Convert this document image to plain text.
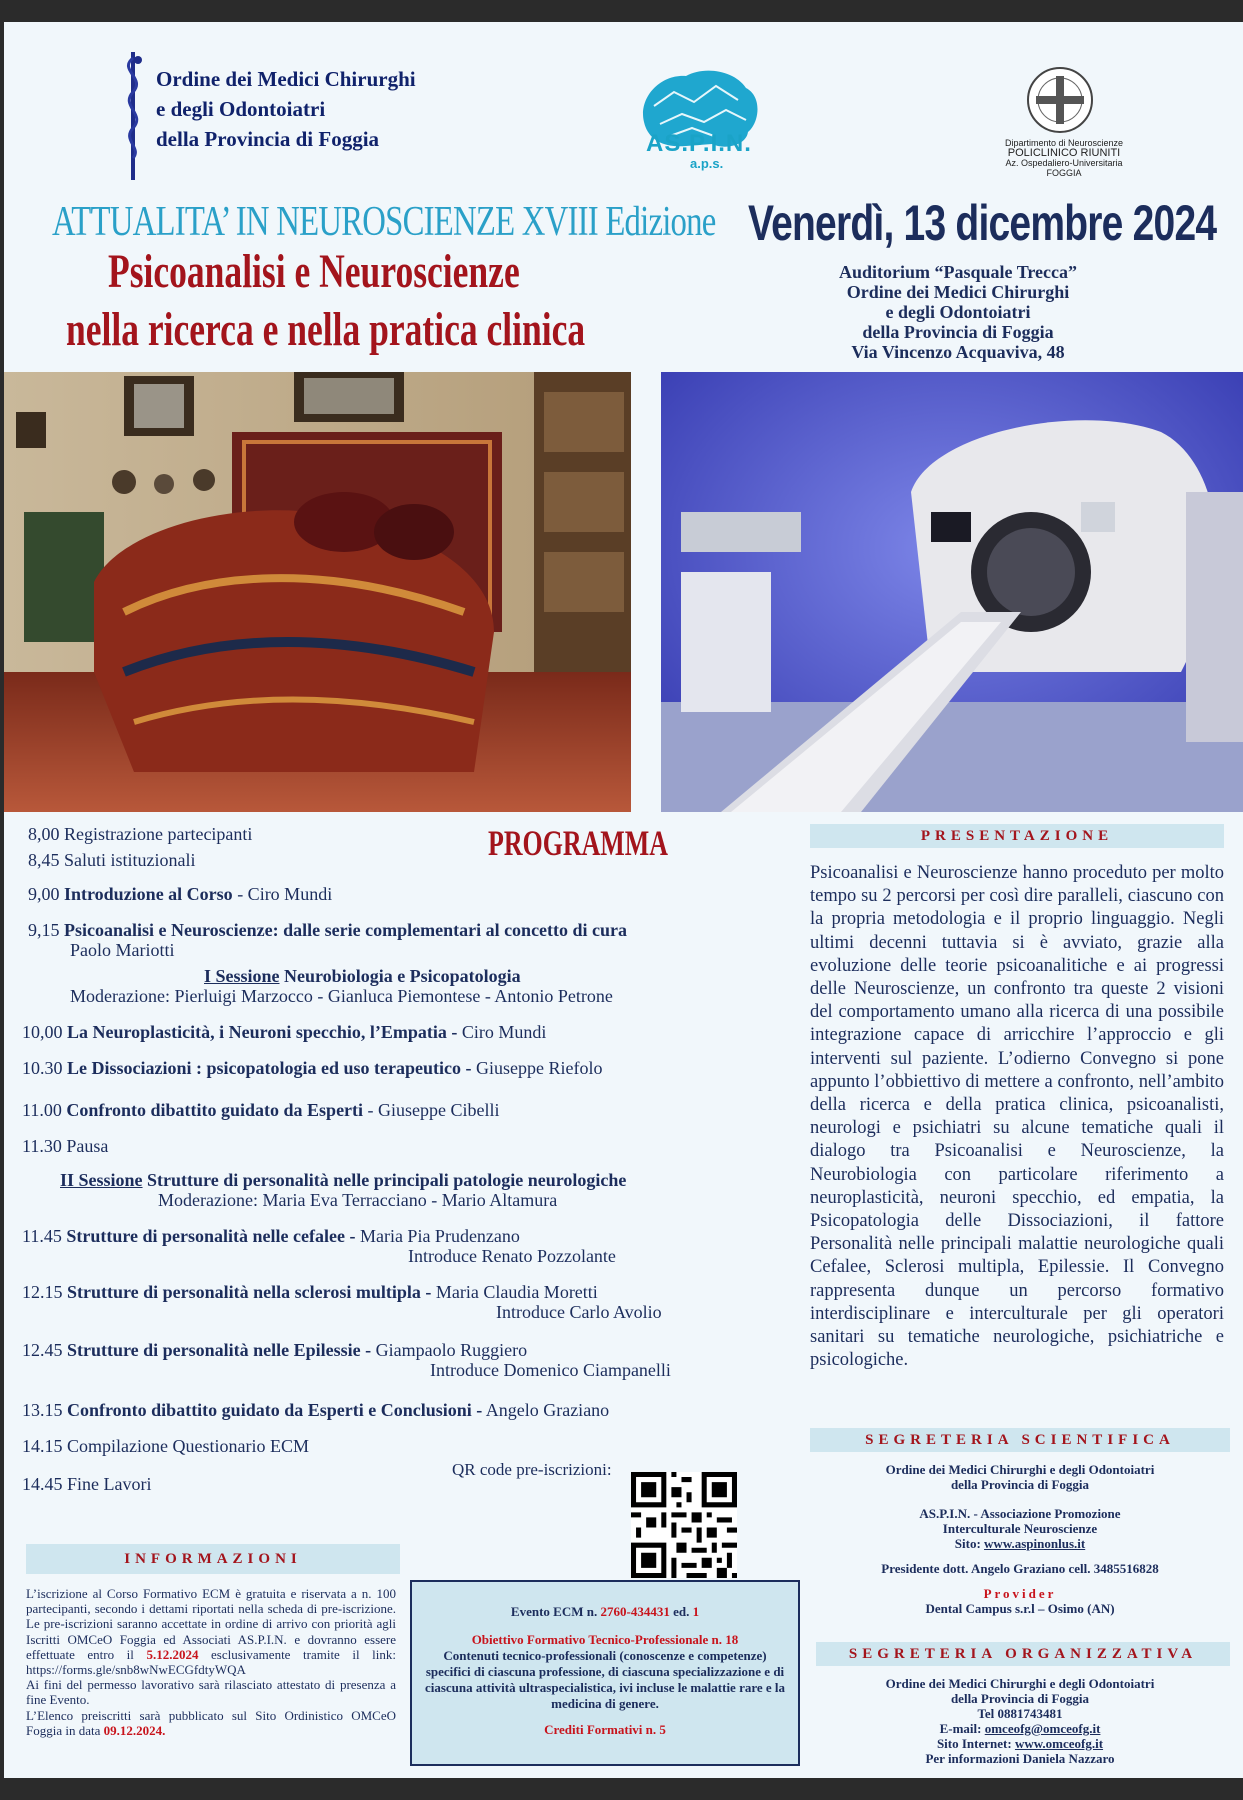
Ordine dei Medici Chirurghi
e degli Odontoiatri
della Provincia di Foggia	AS.P.I.N.
a.p.s.
Dipartimento di Neuroscienze
POLICLINICO RIUNITI
Az. Ospedaliero-Universitaria
FOGGIA
ATTUALITA’ IN NEUROSCIENZE XVIII Edizione
Psicoanalisi e Neuroscienze
nella ricerca e nella pratica clinica
Venerdì, 13 dicembre 2024
Auditorium “Pasquale Trecca”
Ordine dei Medici Chirurghi
e degli Odontoiatri
della Provincia di Foggia
Via Vincenzo Acquaviva, 48
PROGRAMMA
8,00 Registrazione partecipanti
8,45 Saluti istituzionali
9,00 Introduzione al Corso - Ciro Mundi
9,15 Psicoanalisi e Neuroscienze: dalle serie complementari al concetto di cura
Paolo Mariotti
I Sessione Neurobiologia e Psicopatologia
Moderazione: Pierluigi Marzocco - Gianluca Piemontese - Antonio Petrone
10,00 La Neuroplasticità, i Neuroni specchio, l’Empatia - Ciro Mundi
10.30 Le Dissociazioni : psicopatologia ed uso terapeutico - Giuseppe Riefolo
11.00 Confronto dibattito guidato da Esperti - Giuseppe Cibelli
11.30 Pausa
II Sessione Strutture di personalità nelle principali patologie neurologiche
Moderazione: Maria Eva Terracciano - Mario Altamura
11.45 Strutture di personalità nelle cefalee - Maria Pia Prudenzano
Introduce Renato Pozzolante
12.15 Strutture di personalità nella sclerosi multipla - Maria Claudia Moretti
Introduce Carlo Avolio
12.45 Strutture di personalità nelle Epilessie - Giampaolo Ruggiero
Introduce Domenico Ciampanelli
13.15 Confronto dibattito guidato da Esperti e Conclusioni - Angelo Graziano
14.15 Compilazione Questionario ECM
14.45 Fine Lavori
QR code pre-iscrizioni:
PRESENTAZIONE
Psicoanalisi e Neuroscienze hanno proceduto per molto tempo su 2 percorsi per così dire paralleli, ciascuno con la propria metodologia e il proprio linguaggio. Negli ultimi decenni tuttavia si è avviato, grazie alla evoluzione delle teorie psicoanalitiche e ai progressi delle Neuroscienze, un confronto tra queste 2 visioni del comportamento umano alla ricerca di una possibile integrazione capace di arricchire l’approccio e gli interventi sul paziente. L’odierno Convegno si pone appunto l’obbiettivo di mettere a confronto, nell’ambito della ricerca e della pratica clinica, psicoanalisti, neurologi e psichiatri su alcune tematiche quali il dialogo tra Psicoanalisi e Neuroscienze, la Neurobiologia con particolare riferimento a neuroplasticità, neuroni specchio, ed empatia, la Psicopatologia delle Dissociazioni, il fattore Personalità nelle principali malattie neurologiche quali Cefalee, Sclerosi multipla, Epilessie. Il Convegno rappresenta dunque un percorso formativo interdisciplinare e interculturale per gli operatori sanitari su tematiche neurologiche, psichiatriche e psicologiche.
SEGRETERIA SCIENTIFICA
Ordine dei Medici Chirurghi e degli Odontoiatri
della Provincia di Foggia
AS.P.I.N. - Associazione Promozione
Interculturale Neuroscienze
Sito: www.aspinonlus.it
Presidente dott. Angelo Graziano cell. 3485516828
Provider
Dental Campus s.r.l – Osimo (AN)
SEGRETERIA ORGANIZZATIVA
Ordine dei Medici Chirurghi e degli Odontoiatri
della Provincia di Foggia
Tel 0881743481
E-mail: omceofg@omceofg.it
Sito Internet: www.omceofg.it
Per informazioni Daniela Nazzaro
INFORMAZIONI
L’iscrizione al Corso Formativo ECM è gratuita e riservata a n. 100 partecipanti, secondo i dettami riportati nella scheda di pre-iscrizione. Le pre-iscrizioni saranno accettate in ordine di arrivo con priorità agli Iscritti OMCeO Foggia ed Associati AS.P.I.N. e dovranno essere effettuate entro il 5.12.2024 esclusivamente tramite il link: https://forms.gle/snb8wNwECGfdtyWQA
Ai fini del permesso lavorativo sarà rilasciato attestato di presenza a fine Evento.
L’Elenco preiscritti sarà pubblicato sul Sito Ordinistico OMCeO Foggia in data 09.12.2024.
Evento ECM n. 2760-434431 ed. 1
Obiettivo Formativo Tecnico-Professionale n. 18
Contenuti tecnico-professionali (conoscenze e competenze) specifici di ciascuna professione, di ciascuna specializzazione e di ciascuna attività ultraspecialistica, ivi incluse le malattie rare e la medicina di genere.
Crediti Formativi n. 5
